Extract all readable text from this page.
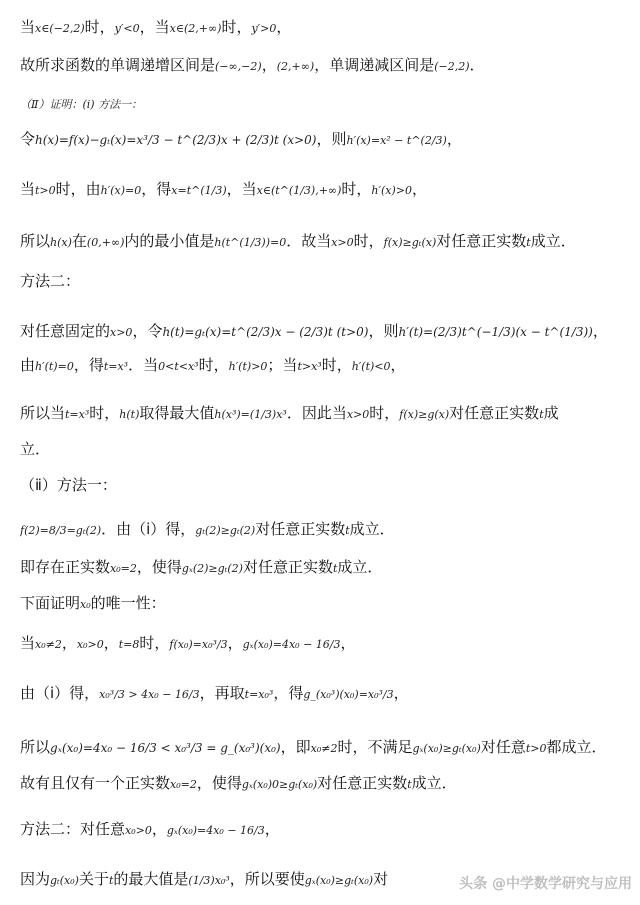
当x∈(−2,2)时，y′<0，当x∈(2,+∞)时，y′>0，
故所求函数的单调递增区间是(−∞,−2)，(2,+∞)，单调递减区间是(−2,2)．
（Ⅱ）证明：(ⅰ) 方法一：
令h(x)=f(x)−gₜ(x)=x³/3 − t^(2/3)x + (2/3)t (x>0)，则h′(x)=x² − t^(2/3)，
当t>0时，由h′(x)=0，得x=t^(1/3)，当x∈(t^(1/3),+∞)时，h′(x)>0，
所以h(x)在(0,+∞)内的最小值是h(t^(1/3))=0．故当x>0时，f(x)≥gₜ(x)对任意正实数t成立．
方法二：
对任意固定的x>0，令h(t)=gₜ(x)=t^(2/3)x − (2/3)t (t>0)，则h′(t)=(2/3)t^(−1/3)(x − t^(1/3))，
由h′(t)=0，得t=x³．当0<t<x³时，h′(t)>0；当t>x³时，h′(t)<0，
所以当t=x³时，h(t)取得最大值h(x³)=(1/3)x³．因此当x>0时，f(x)≥g(x)对任意正实数t成
立．
（ⅱ）方法一：
f(2)=8/3=gₜ(2)．由（ⅰ）得，gₜ(2)≥gₜ(2)对任意正实数t成立．
即存在正实数x₀=2，使得gₓ(2)≥gₜ(2)对任意正实数t成立．
下面证明x₀的唯一性：
当x₀≠2，x₀>0，t=8时，f(x₀)=x₀³/3，gₓ(x₀)=4x₀ − 16/3，
由（ⅰ）得，x₀³/3 > 4x₀ − 16/3，再取t=x₀³，得g_(x₀³)(x₀)=x₀³/3，
所以gₓ(x₀)=4x₀ − 16/3 < x₀³/3 = g_(x₀³)(x₀)，即x₀≠2时，不满足gₓ(x₀)≥gₜ(x₀)对任意t>0都成立．
故有且仅有一个正实数x₀=2，使得gₓ(x₀)0≥gₜ(x₀)对任意正实数t成立．
方法二：对任意x₀>0，gₓ(x₀)=4x₀ − 16/3，
因为gₜ(x₀)关于t的最大值是(1/3)x₀³，所以要使gₓ(x₀)≥gₜ(x₀)对	头条 @中学数学研究与应用
